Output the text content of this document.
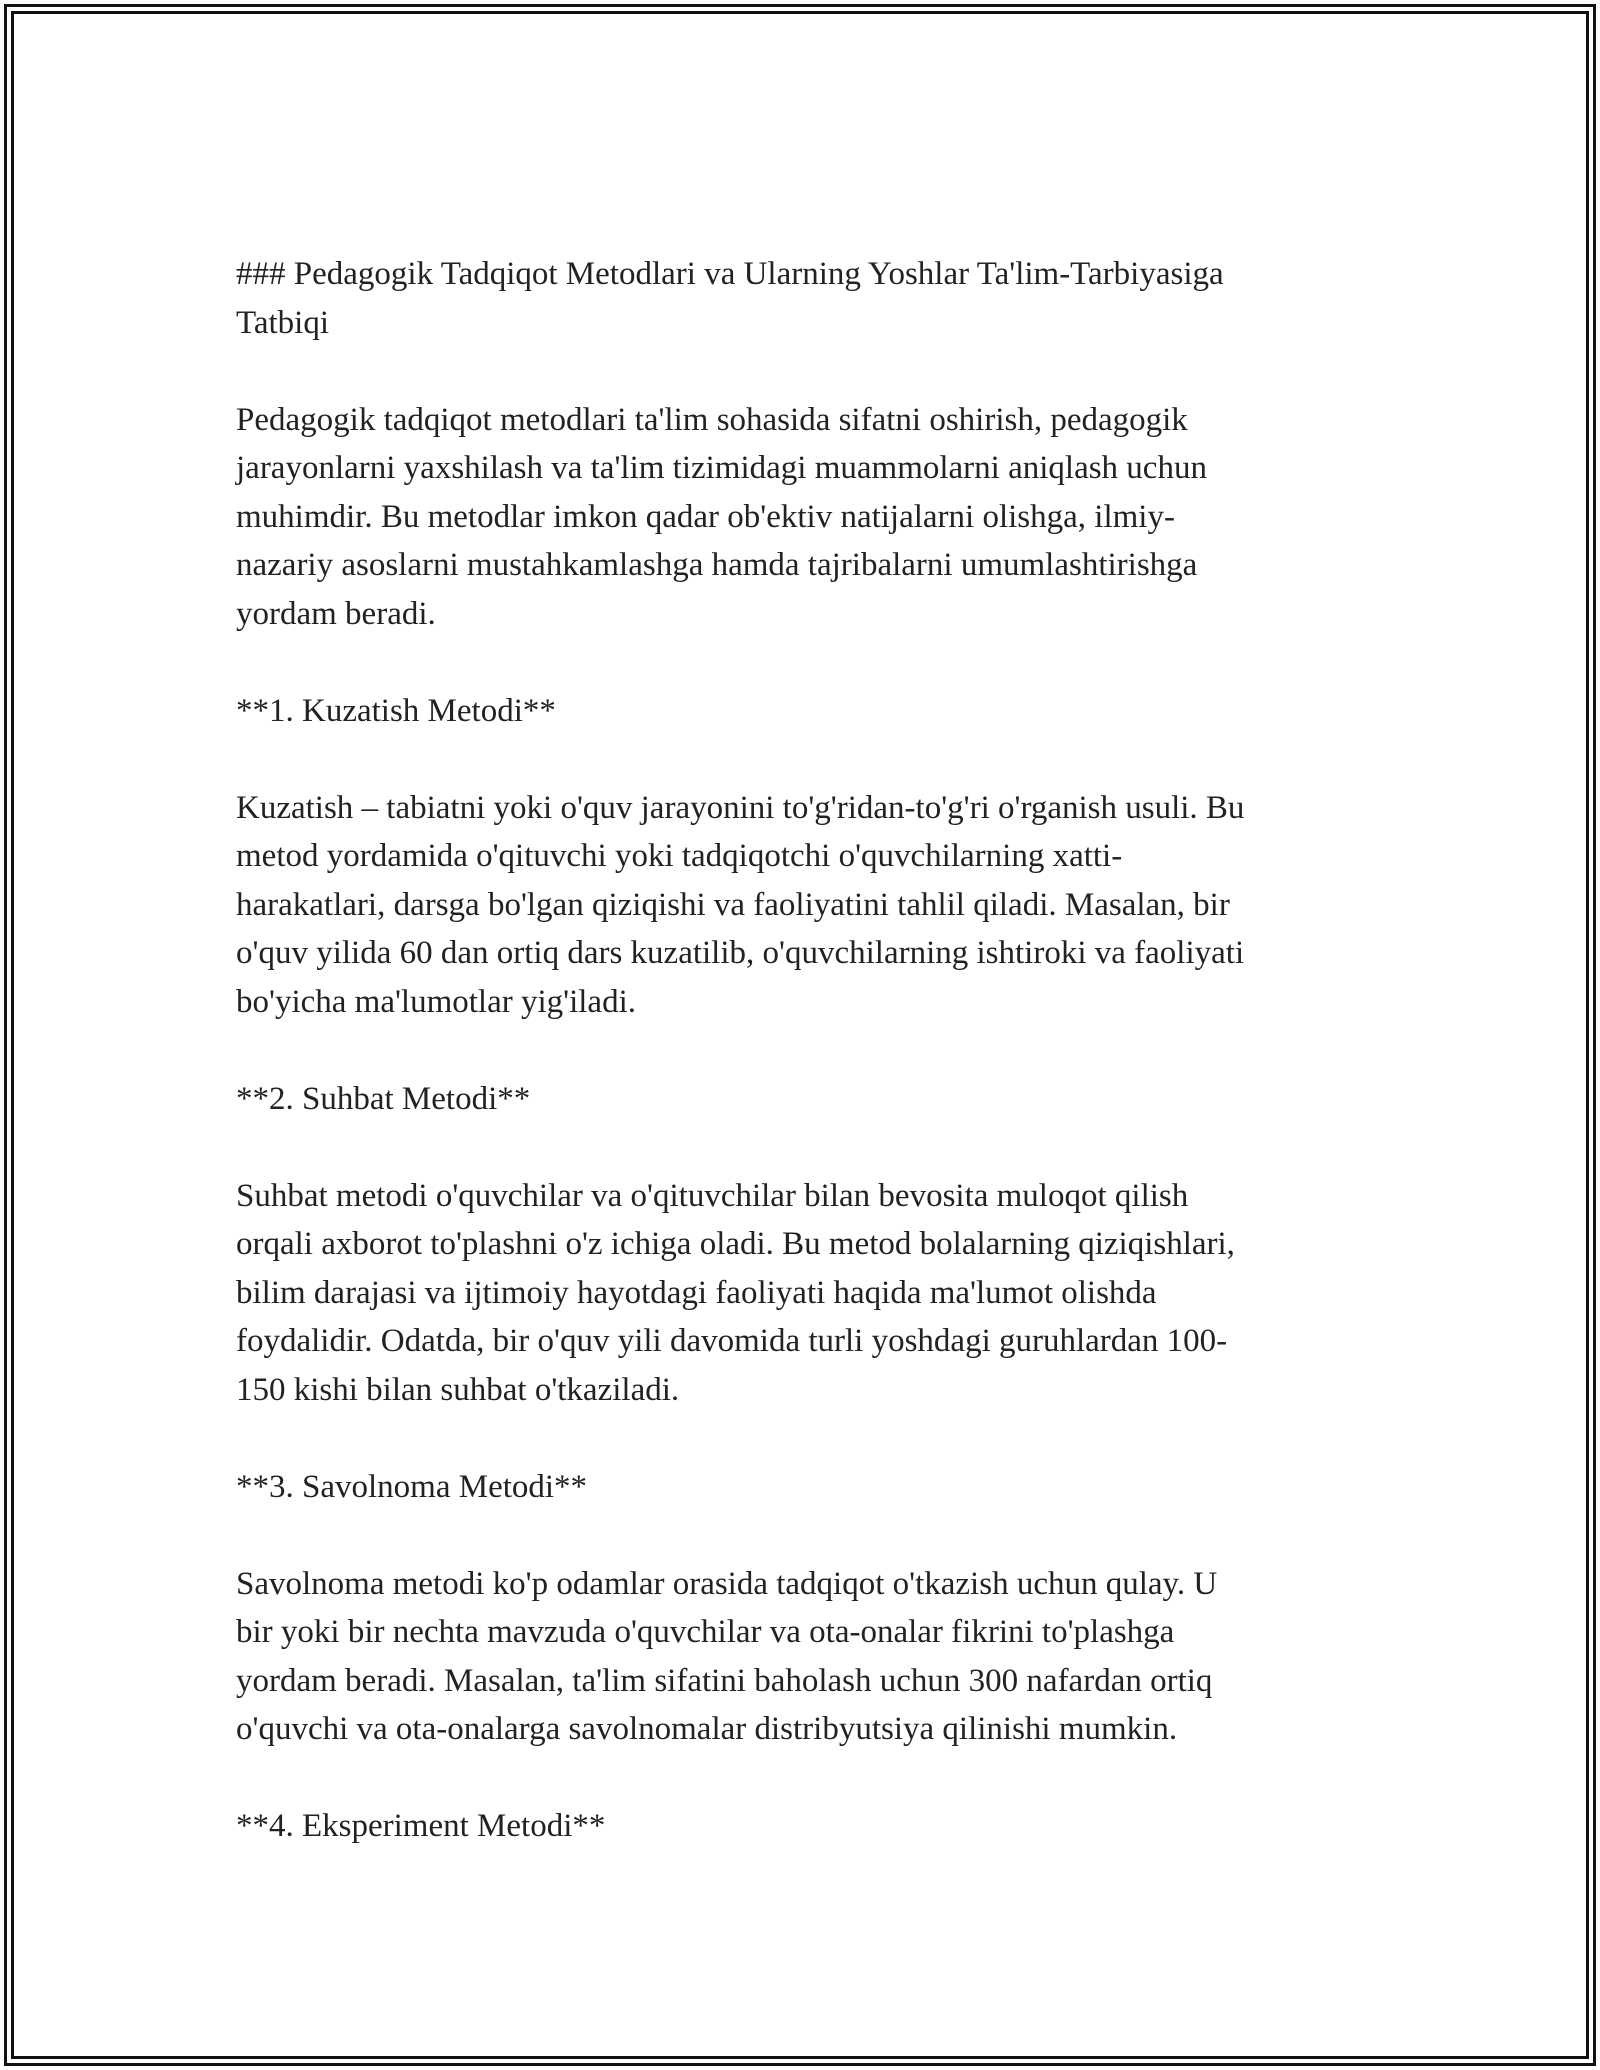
### Pedagogik Tadqiqot Metodlari va Ularning Yoshlar Ta'lim-Tarbiyasiga
Tatbiqi
Pedagogik tadqiqot metodlari ta'lim sohasida sifatni oshirish, pedagogik
jarayonlarni yaxshilash va ta'lim tizimidagi muammolarni aniqlash uchun
muhimdir. Bu metodlar imkon qadar ob'ektiv natijalarni olishga, ilmiy-
nazariy asoslarni mustahkamlashga hamda tajribalarni umumlashtirishga
yordam beradi.
**1. Kuzatish Metodi**
Kuzatish – tabiatni yoki o'quv jarayonini to'g'ridan-to'g'ri o'rganish usuli. Bu
metod yordamida o'qituvchi yoki tadqiqotchi o'quvchilarning xatti-
harakatlari, darsga bo'lgan qiziqishi va faoliyatini tahlil qiladi. Masalan, bir
o'quv yilida 60 dan ortiq dars kuzatilib, o'quvchilarning ishtiroki va faoliyati
bo'yicha ma'lumotlar yig'iladi.
**2. Suhbat Metodi**
Suhbat metodi o'quvchilar va o'qituvchilar bilan bevosita muloqot qilish
orqali axborot to'plashni o'z ichiga oladi. Bu metod bolalarning qiziqishlari,
bilim darajasi va ijtimoiy hayotdagi faoliyati haqida ma'lumot olishda
foydalidir. Odatda, bir o'quv yili davomida turli yoshdagi guruhlardan 100-
150 kishi bilan suhbat o'tkaziladi.
**3. Savolnoma Metodi**
Savolnoma metodi ko'p odamlar orasida tadqiqot o'tkazish uchun qulay. U
bir yoki bir nechta mavzuda o'quvchilar va ota-onalar fikrini to'plashga
yordam beradi. Masalan, ta'lim sifatini baholash uchun 300 nafardan ortiq
o'quvchi va ota-onalarga savolnomalar distribyutsiya qilinishi mumkin.
**4. Eksperiment Metodi**
